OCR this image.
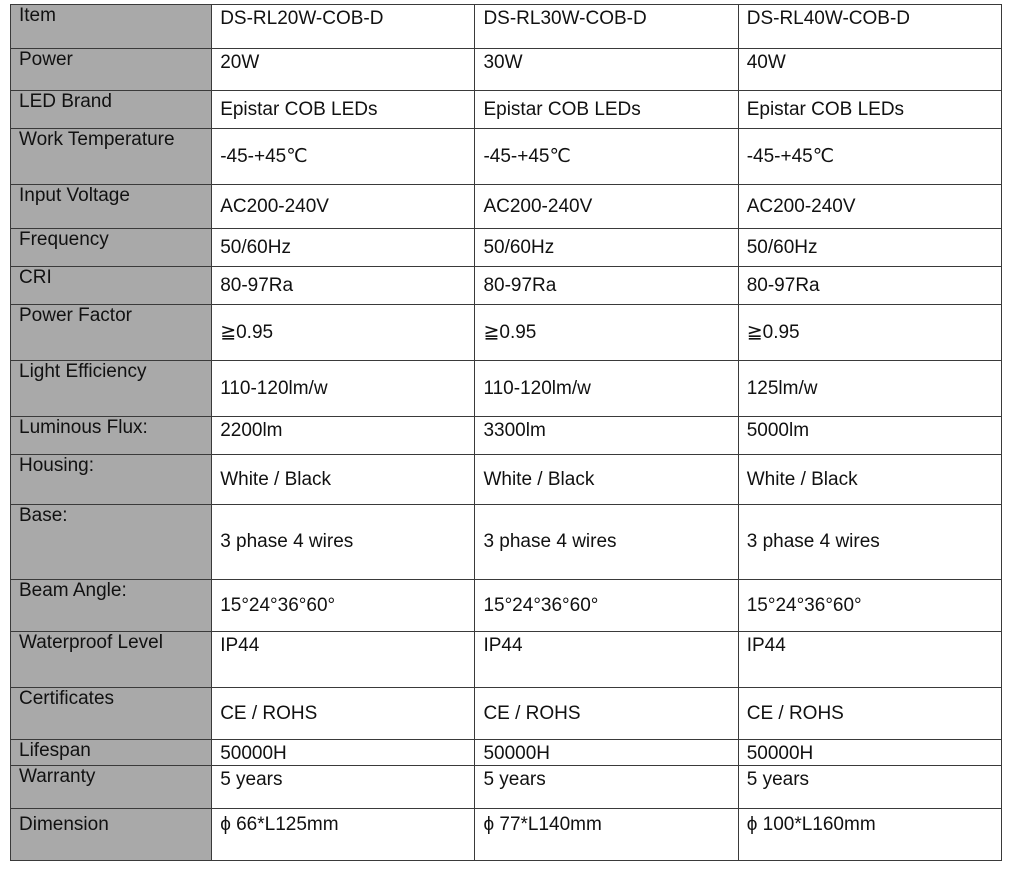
Item	DS-RL20W-COB-D	DS-RL30W-COB-D	DS-RL40W-COB-D
Power	20W	30W	40W
LED Brand	Epistar COB LEDs	Epistar COB LEDs	Epistar COB LEDs
Work Temperature	-45-+45℃	-45-+45℃	-45-+45℃
Input Voltage	AC200-240V	AC200-240V	AC200-240V
Frequency	50/60Hz	50/60Hz	50/60Hz
CRI	80-97Ra	80-97Ra	80-97Ra
Power Factor	≧0.95	≧0.95	≧0.95
Light Efficiency	110-120lm/w	110-120lm/w	125lm/w
Luminous Flux:	2200lm	3300lm	5000lm
Housing:	White / Black	White / Black	White / Black
Base:	3 phase 4 wires	3 phase 4 wires	3 phase 4 wires
Beam Angle:	15°24°36°60°	15°24°36°60°	15°24°36°60°
Waterproof Level	IP44	IP44	IP44
Certificates	CE / ROHS	CE / ROHS	CE / ROHS
Lifespan	50000H	50000H	50000H
Warranty	5 years	5 years	5 years
Dimension	ϕ 66*L125mm	ϕ 77*L140mm	ϕ 100*L160mm
